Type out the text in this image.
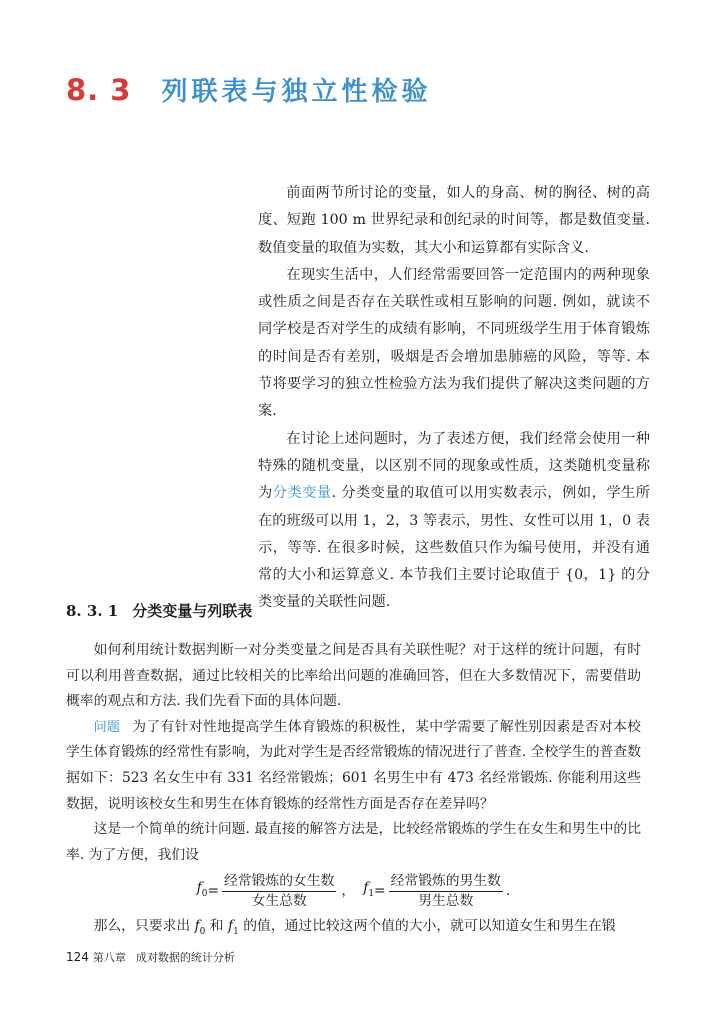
8. 3 列联表与独立性检验

前面两节所讨论的变量，如人的身高、树的胸径、树的高度、短跑 100 m 世界纪录和创纪录的时间等，都是数值变量. 数值变量的取值为实数，其大小和运算都有实际含义.

在现实生活中，人们经常需要回答一定范围内的两种现象或性质之间是否存在关联性或相互影响的问题. 例如，就读不同学校是否对学生的成绩有影响，不同班级学生用于体育锻炼的时间是否有差别，吸烟是否会增加患肺癌的风险，等等. 本节将要学习的独立性检验方法为我们提供了解决这类问题的方案.

在讨论上述问题时，为了表述方便，我们经常会使用一种特殊的随机变量，以区别不同的现象或性质，这类随机变量称为分类变量. 分类变量的取值可以用实数表示，例如，学生所在的班级可以用 1，2，3 等表示，男性、女性可以用 1，0 表示，等等. 在很多时候，这些数值只作为编号使用，并没有通常的大小和运算意义. 本节我们主要讨论取值于 {0，1} 的分类变量的关联性问题.

8. 3. 1 分类变量与列联表

如何利用统计数据判断一对分类变量之间是否具有关联性呢？对于这样的统计问题，有时可以利用普查数据，通过比较相关的比率给出问题的准确回答，但在大多数情况下，需要借助概率的观点和方法. 我们先看下面的具体问题.

问题 为了有针对性地提高学生体育锻炼的积极性，某中学需要了解性别因素是否对本校学生体育锻炼的经常性有影响，为此对学生是否经常锻炼的情况进行了普查. 全校学生的普查数据如下：523 名女生中有 331 名经常锻炼；601 名男生中有 473 名经常锻炼. 你能利用这些数据，说明该校女生和男生在体育锻炼的经常性方面是否存在差异吗？

这是一个简单的统计问题. 最直接的解答方法是，比较经常锻炼的学生在女生和男生中的比率. 为了方便，我们设

$f_0 = \frac{\text{经常锻炼的女生数}}{\text{女生总数}}$ ， $f_1 = \frac{\text{经常锻炼的男生数}}{\text{男生总数}}$ .

那么，只要求出 $f_0$ 和 $f_1$ 的值，通过比较这两个值的大小，就可以知道女生和男生在锻

124 第八章 成对数据的统计分析
